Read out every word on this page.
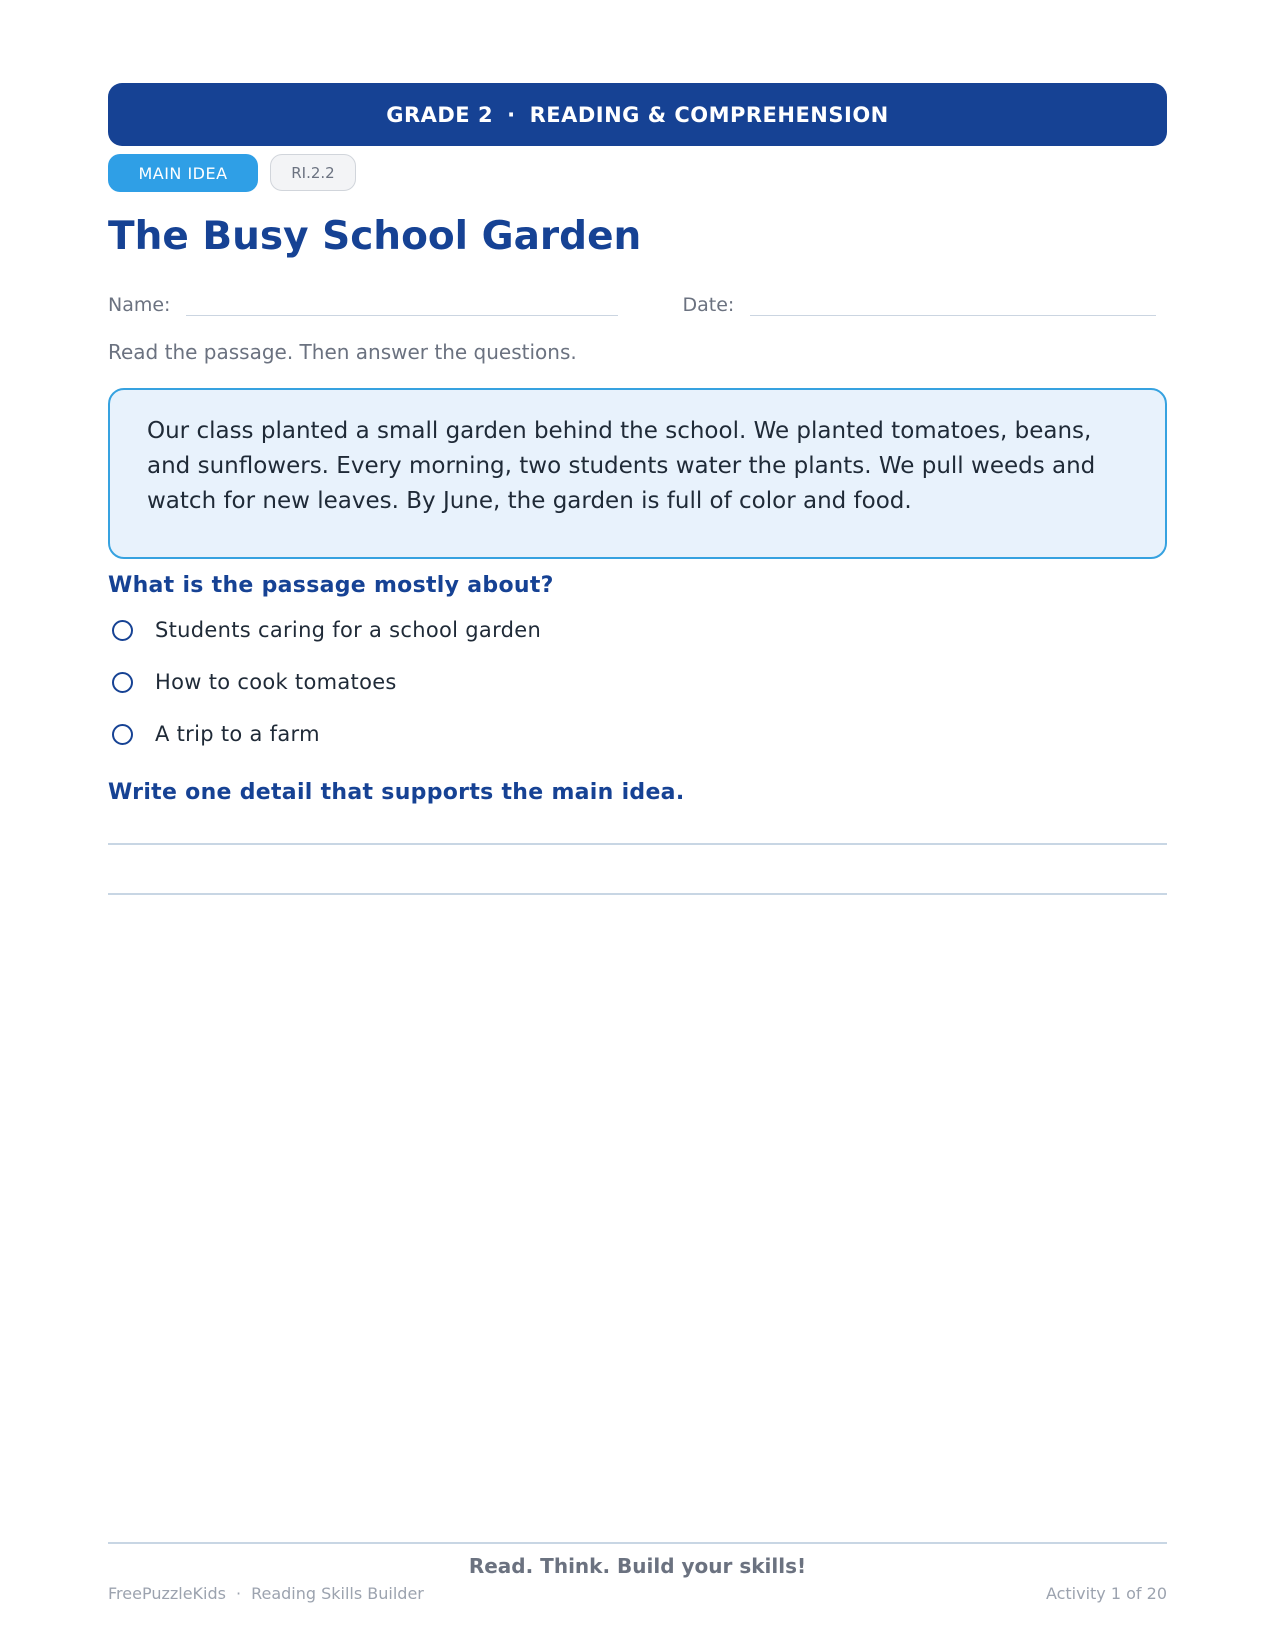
GRADE 2 · READING & COMPREHENSION
MAIN IDEA	RI.2.2
The Busy School Garden
Name:	Date:
Read the passage. Then answer the questions.
Our class planted a small garden behind the school. We planted tomatoes, beans, and sunflowers. Every morning, two students water the plants. We pull weeds and watch for new leaves. By June, the garden is full of color and food.
What is the passage mostly about?
Students caring for a school garden
How to cook tomatoes
A trip to a farm
Write one detail that supports the main idea.
Read. Think. Build your skills!
FreePuzzleKids · Reading Skills Builder	Activity 1 of 20
